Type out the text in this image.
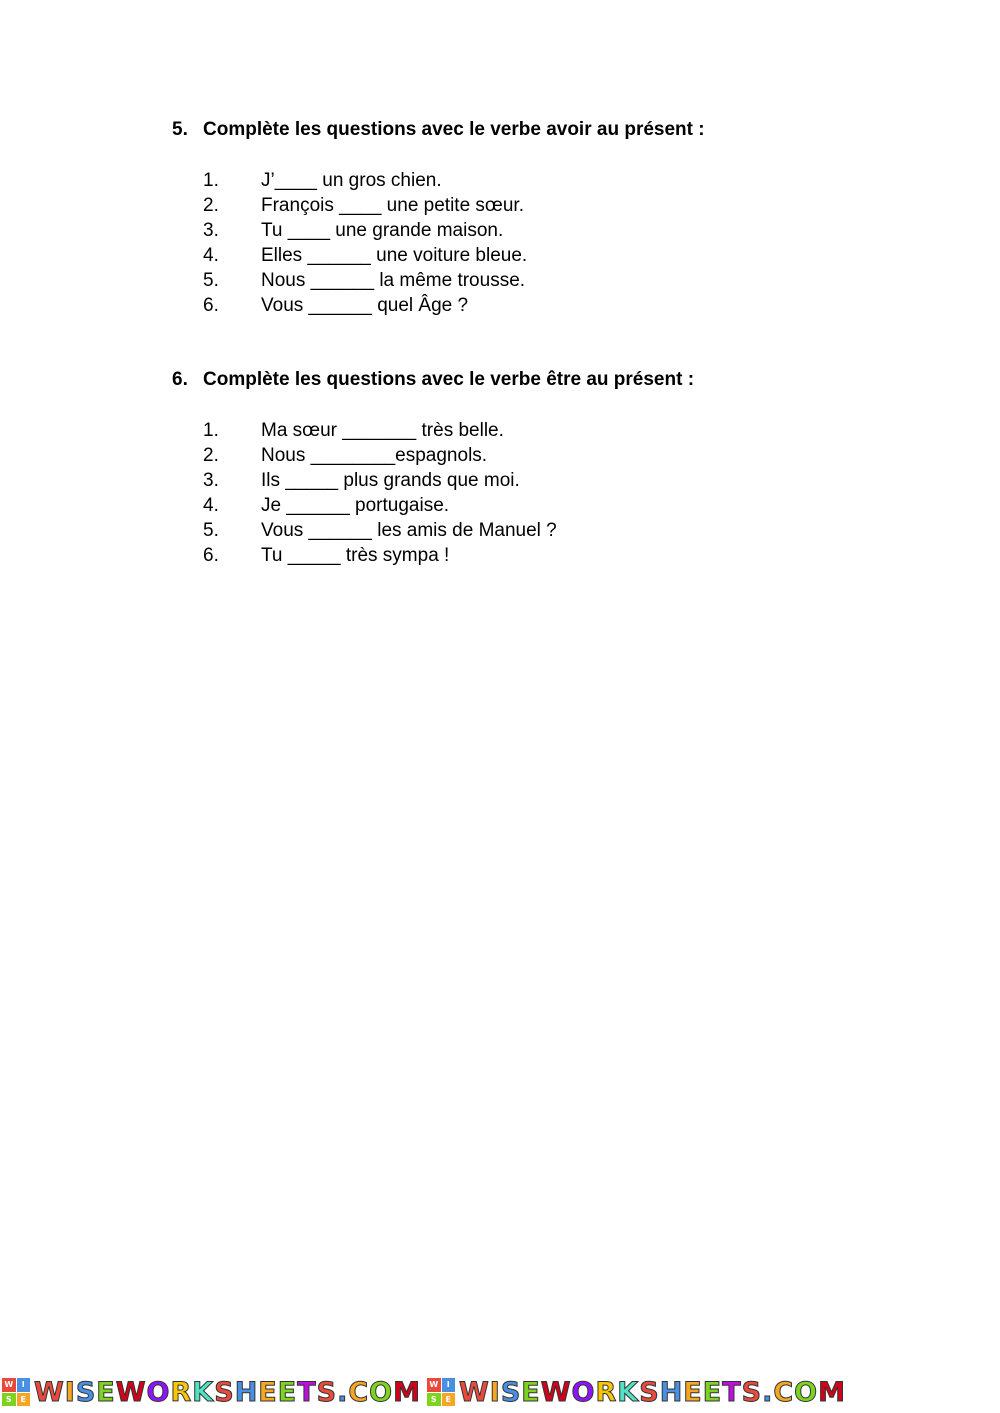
5. Complète les questions avec le verbe avoir au présent :
1.	J’____ un gros chien.
2.	François ____ une petite sœur.
3.	Tu ____ une grande maison.
4.	Elles ______ une voiture bleue.
5.	Nous ______ la même trousse.
6.	Vous ______ quel Âge ?
6. Complète les questions avec le verbe être au présent :
1.	Ma sœur _______ très belle.
2.	Nous ________espagnols.
3.	Ils _____ plus grands que moi.
4.	Je ______ portugaise.
5.	Vous ______ les amis de Manuel ?
6.	Tu _____ très sympa !
W	I
S	E W I S E W O R K S H E E T S . C O M W	I
S	E W I S E W O R K S H E E T S . C O M
